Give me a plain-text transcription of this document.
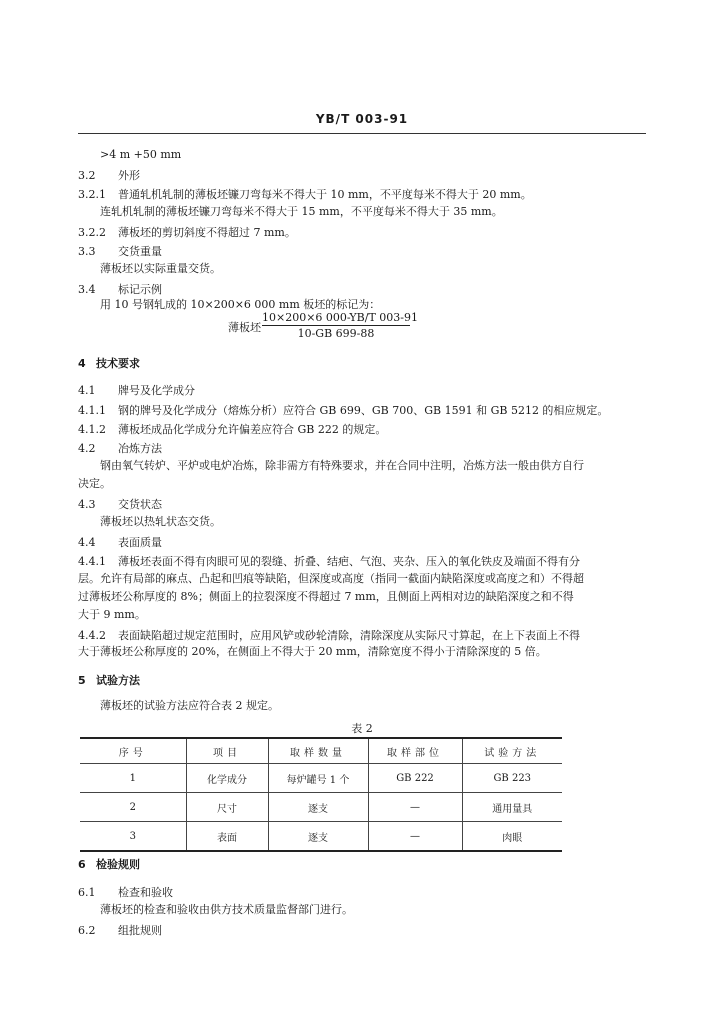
YB/T 003-91
>4 m +50 mm
3.2 外形
3.2.1 普通轧机轧制的薄板坯镰刀弯每米不得大于 10 mm，不平度每米不得大于 20 mm。
连轧机轧制的薄板坯镰刀弯每米不得大于 15 mm，不平度每米不得大于 35 mm。
3.2.2 薄板坯的剪切斜度不得超过 7 mm。
3.3 交货重量
薄板坯以实际重量交货。
3.4 标记示例
用 10 号钢轧成的 10×200×6 000 mm 板坯的标记为：
薄板坯
10×200×6 000-YB/T 003-91
10-GB 699-88
4 技术要求
4.1 牌号及化学成分
4.1.1 钢的牌号及化学成分（熔炼分析）应符合 GB 699、GB 700、GB 1591 和 GB 5212 的相应规定。
4.1.2 薄板坯成品化学成分允许偏差应符合 GB 222 的规定。
4.2 冶炼方法
钢由氧气转炉、平炉或电炉冶炼，除非需方有特殊要求，并在合同中注明，冶炼方法一般由供方自行
决定。
4.3 交货状态
薄板坯以热轧状态交货。
4.4 表面质量
4.4.1 薄板坯表面不得有肉眼可见的裂缝、折叠、结疤、气泡、夹杂、压入的氧化铁皮及端面不得有分
层。允许有局部的麻点、凸起和凹痕等缺陷，但深度或高度（指同一截面内缺陷深度或高度之和）不得超
过薄板坯公称厚度的 8%；侧面上的拉裂深度不得超过 7 mm，且侧面上两相对边的缺陷深度之和不得
大于 9 mm。
4.4.2 表面缺陷超过规定范围时，应用风铲或砂轮清除，清除深度从实际尺寸算起，在上下表面上不得
大于薄板坯公称厚度的 20%，在侧面上不得大于 20 mm，清除宽度不得小于清除深度的 5 倍。
5 试验方法
薄板坯的试验方法应符合表 2 规定。
表 2
序号	项目	取样数量	取样部位	试验方法
1	化学成分	每炉罐号 1 个	GB 222	GB 223
2	尺寸	逐支	—	通用量具
3	表面	逐支	—	肉眼
6 检验规则
6.1 检查和验收
薄板坯的检查和验收由供方技术质量监督部门进行。
6.2 组批规则
